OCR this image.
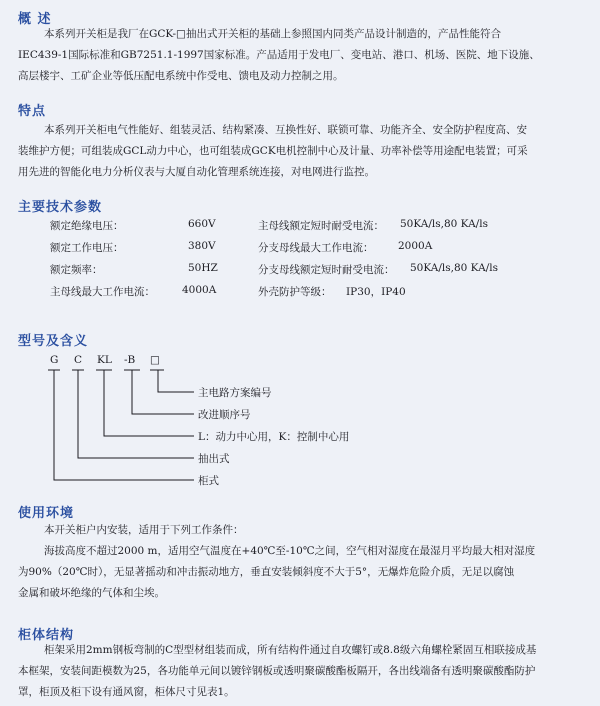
概 述
本系列开关柜是我厂在GCK-□抽出式开关柜的基础上参照国内同类产品设计制造的，产品性能符合
IEC439-1国际标准和GB7251.1-1997国家标准。产品适用于发电厂、变电站、港口、机场、医院、地下设施、
高层楼宇、工矿企业等低压配电系统中作受电、馈电及动力控制之用。
特点
本系列开关柜电气性能好、组装灵活、结构紧凑、互换性好、联锁可靠、功能齐全、安全防护程度高、安
装维护方便；可组装成GCL动力中心，也可组装成GCK电机控制中心及计量、功率补偿等用途配电装置；可采
用先进的智能化电力分析仪表与大厦自动化管理系统连接，对电网进行监控。
主要技术参数
额定绝缘电压：	660V	主母线额定短时耐受电流： 50KA/ls,80 KA/ls
额定工作电压：	380V	分支母线最大工作电流： 2000A
额定频率：	50HZ	分支母线额定短时耐受电流： 50KA/ls,80 KA/ls
主母线最大工作电流：	4000A	外壳防护等级： IP30，IP40
型号及含义
G C KL -B □
主电路方案编号
改进顺序号
L：动力中心用，K：控制中心用
抽出式
柜式
使用环境
本开关柜户内安装，适用于下列工作条件：
海拔高度不超过2000 m，适用空气温度在+40℃至-10℃之间，空气相对湿度在最湿月平均最大相对湿度
为90%（20℃时），无显著摇动和冲击振动地方，垂直安装倾斜度不大于5°，无爆炸危险介质，无足以腐蚀
金属和破坏绝缘的气体和尘埃。
柜体结构
柜架采用2mm钢板弯制的C型型材组装而成，所有结构件通过自攻螺钉或8.8级六角螺栓紧固互相联接成基
本框架，安装间距模数为25，各功能单元间以镀锌钢板或透明聚碳酸酯板隔开，各出线端备有透明聚碳酸酯防护
罩，柜顶及柜下设有通风窗，柜体尺寸见表1。
